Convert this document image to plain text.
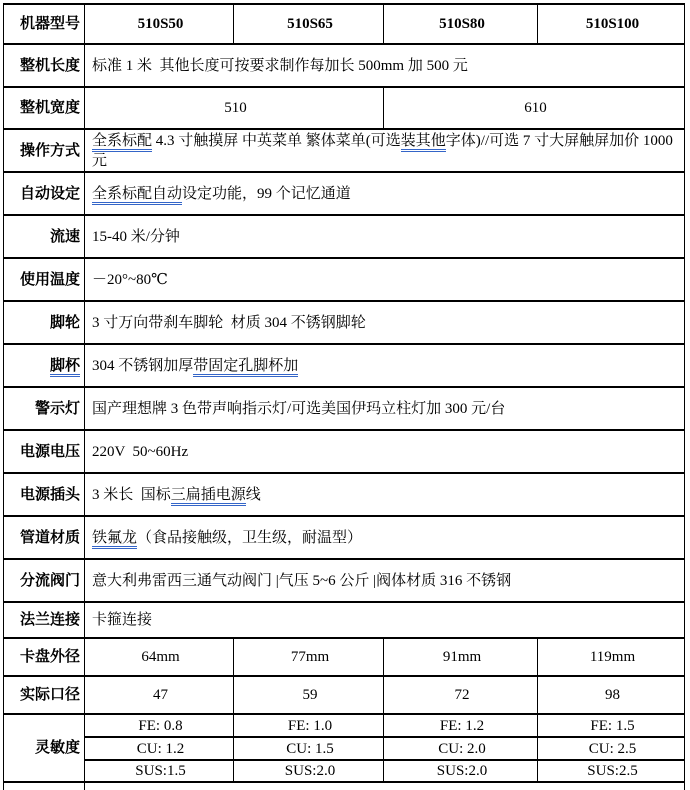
机器型号	510S50	510S65	510S80	510S100
整机长度	标准 1 米  其他长度可按要求制作每加长 500mm 加 500 元			
整机宽度	510		610	
操作方式	全系标配 4.3 寸触摸屏 中英菜单 繁体菜单(可选装其他字体)//可选 7 寸大屏触屏加价 1000 元			
自动设定	全系标配自动设定功能，99 个记忆通道			
流速	15-40 米/分钟			
使用温度	－20°~80℃			
脚轮	3 寸万向带刹车脚轮  材质 304 不锈钢脚轮			
脚杯	304 不锈钢加厚带固定孔脚杯加			
警示灯	国产理想牌 3 色带声响指示灯/可选美国伊玛立柱灯加 300 元/台			
电源电压	220V  50~60Hz			
电源插头	3 米长  国标三扁插电源线			
管道材质	铁氟龙（食品接触级，卫生级，耐温型）			
分流阀门	意大利弗雷西三通气动阀门 |气压 5~6 公斤 |阀体材质 316 不锈钢			
法兰连接	卡箍连接			
卡盘外径	64mm	77mm	91mm	119mm
实际口径	47	59	72	98
灵敏度	FE: 0.8	FE: 1.0	FE: 1.2	FE: 1.5
	CU: 1.2	CU: 1.5	CU: 2.0	CU: 2.5
	SUS:1.5	SUS:2.0	SUS:2.0	SUS:2.5
